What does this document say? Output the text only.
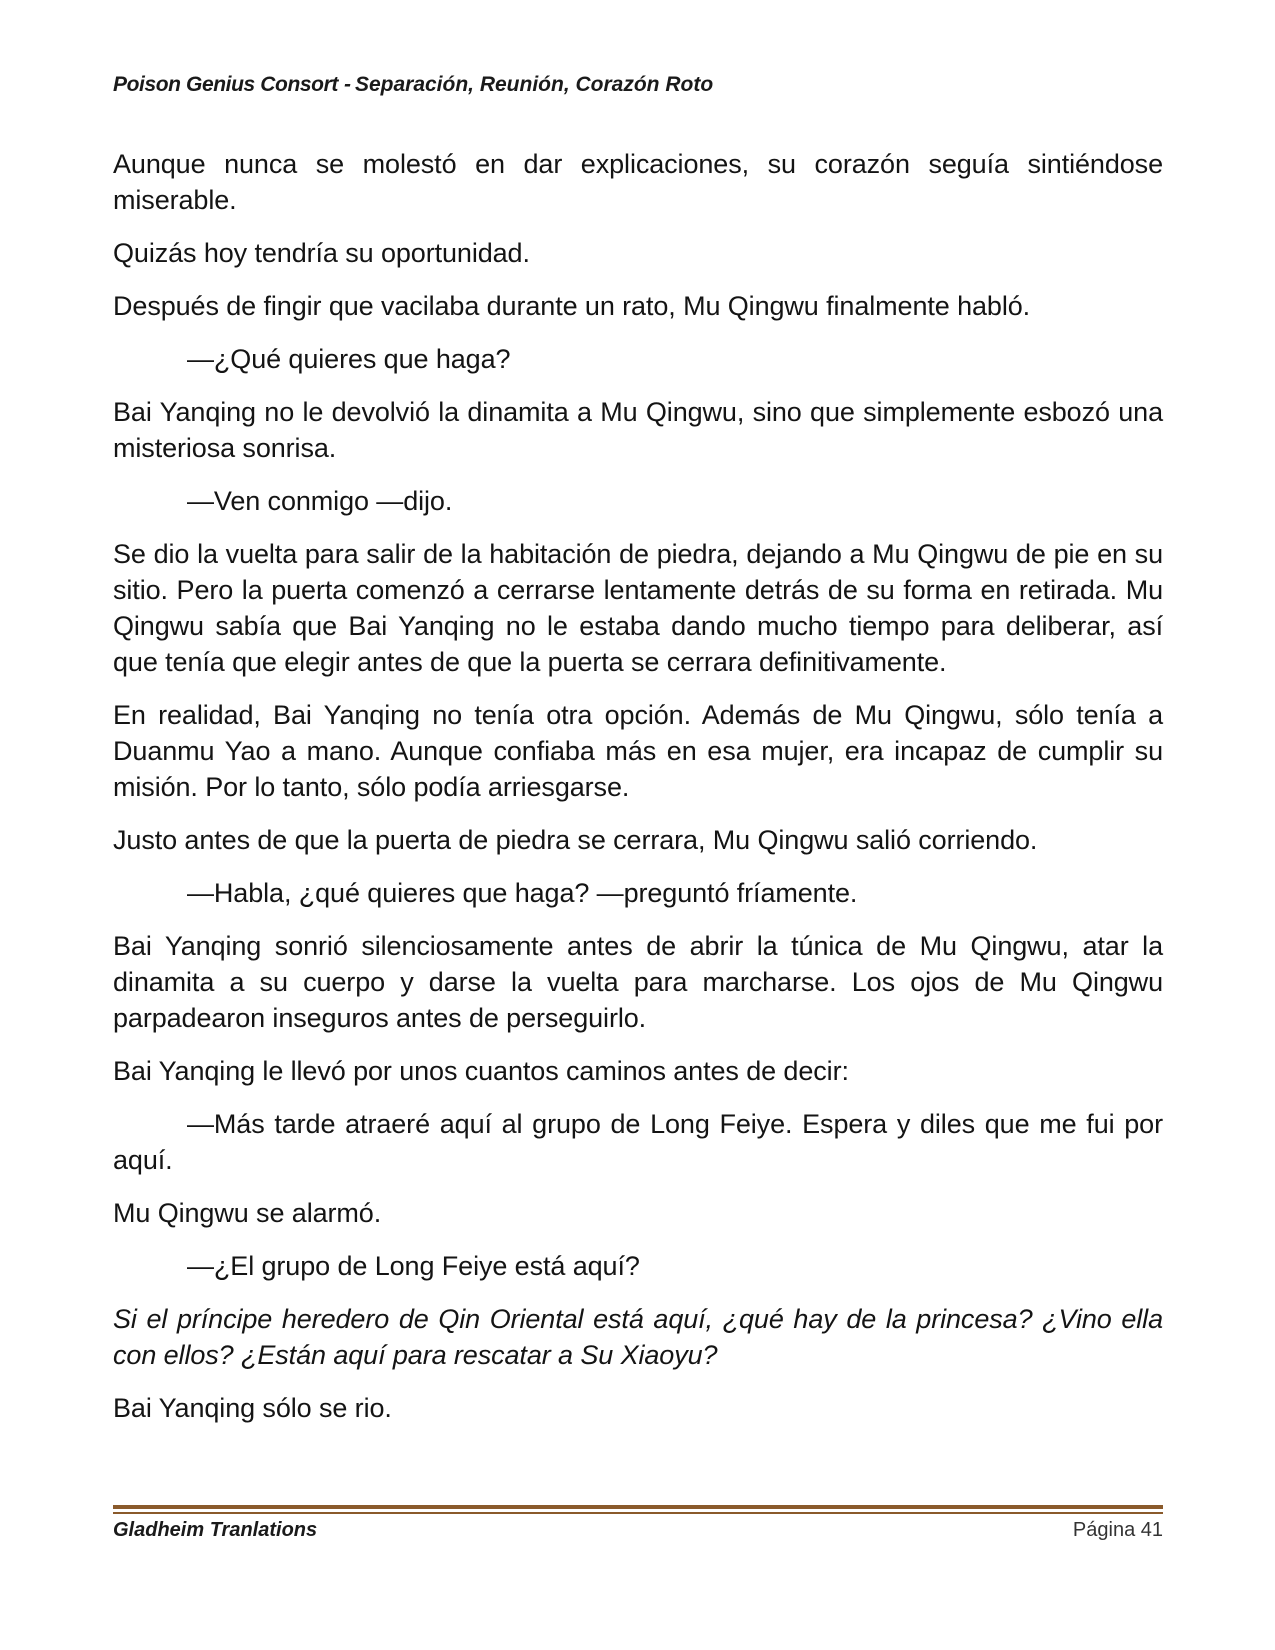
Poison Genius Consort - Separación, Reunión, Corazón Roto

Aunque nunca se molestó en dar explicaciones, su corazón seguía sintiéndose miserable.

Quizás hoy tendría su oportunidad.

Después de fingir que vacilaba durante un rato, Mu Qingwu finalmente habló.

—¿Qué quieres que haga?

Bai Yanqing no le devolvió la dinamita a Mu Qingwu, sino que simplemente esbozó una misteriosa sonrisa.

—Ven conmigo —dijo.

Se dio la vuelta para salir de la habitación de piedra, dejando a Mu Qingwu de pie en su sitio. Pero la puerta comenzó a cerrarse lentamente detrás de su forma en retirada. Mu Qingwu sabía que Bai Yanqing no le estaba dando mucho tiempo para deliberar, así que tenía que elegir antes de que la puerta se cerrara definitivamente.

En realidad, Bai Yanqing no tenía otra opción. Además de Mu Qingwu, sólo tenía a Duanmu Yao a mano. Aunque confiaba más en esa mujer, era incapaz de cumplir su misión. Por lo tanto, sólo podía arriesgarse.

Justo antes de que la puerta de piedra se cerrara, Mu Qingwu salió corriendo.

—Habla, ¿qué quieres que haga? —preguntó fríamente.

Bai Yanqing sonrió silenciosamente antes de abrir la túnica de Mu Qingwu, atar la dinamita a su cuerpo y darse la vuelta para marcharse. Los ojos de Mu Qingwu parpadearon inseguros antes de perseguirlo.

Bai Yanqing le llevó por unos cuantos caminos antes de decir:

—Más tarde atraeré aquí al grupo de Long Feiye. Espera y diles que me fui por aquí.

Mu Qingwu se alarmó.

—¿El grupo de Long Feiye está aquí?

Si el príncipe heredero de Qin Oriental está aquí, ¿qué hay de la princesa? ¿Vino ella con ellos? ¿Están aquí para rescatar a Su Xiaoyu?

Bai Yanqing sólo se rio.

Gladheim Tranlations	Página 41
